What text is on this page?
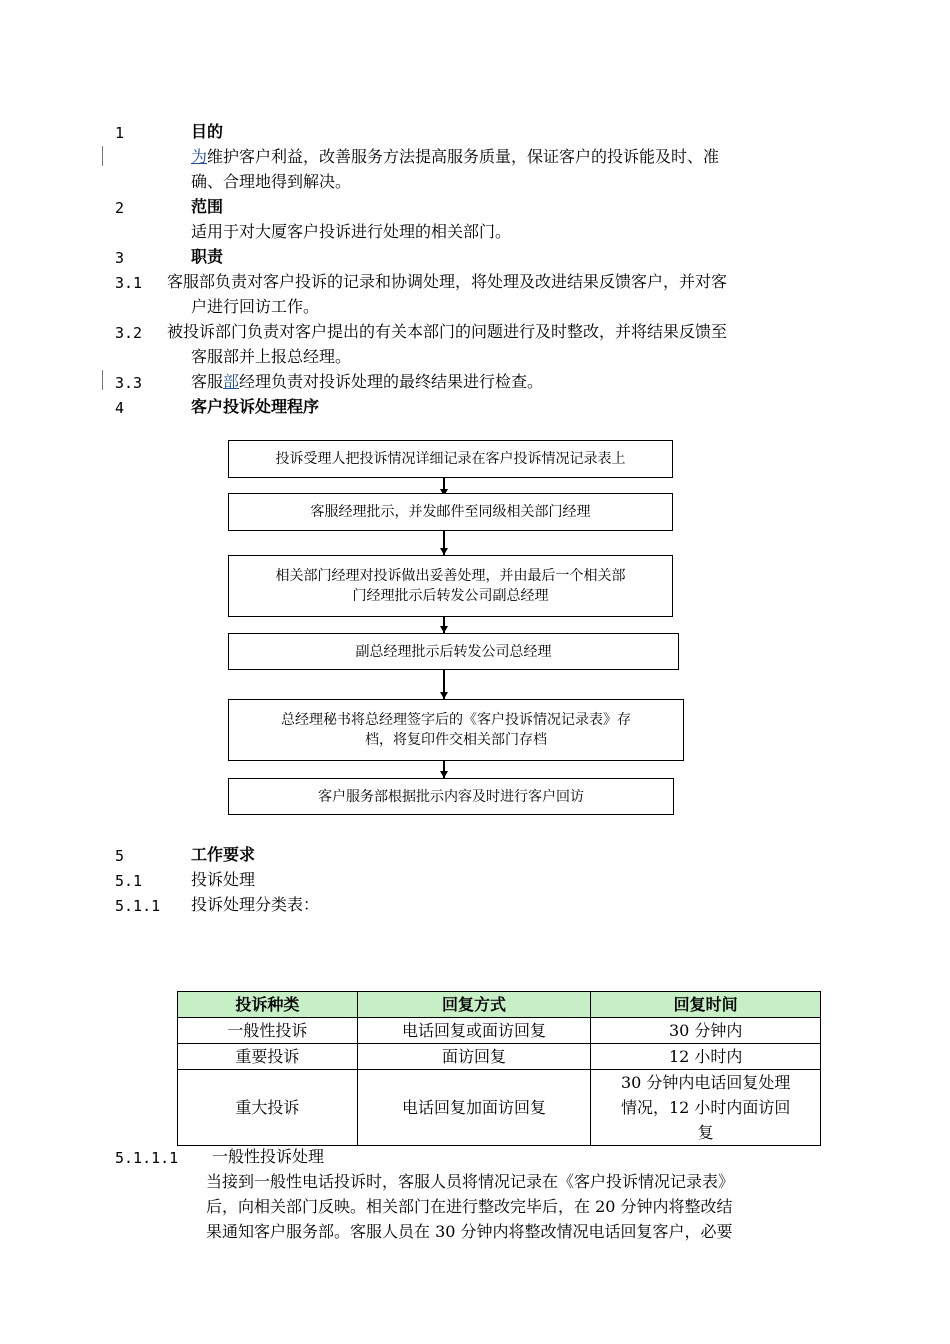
1	目的
为维护客户利益，改善服务方法提高服务质量，保证客户的投诉能及时、准
确、合理地得到解决。
2	范围
适用于对大厦客户投诉进行处理的相关部门。
3	职责
3.1 客服部负责对客户投诉的记录和协调处理，将处理及改进结果反馈客户，并对客
户进行回访工作。
3.2 被投诉部门负责对客户提出的有关本部门的问题进行及时整改，并将结果反馈至
客服部并上报总经理。
3.3	客服部经理负责对投诉处理的最终结果进行检查。
4	客户投诉处理程序
投诉受理人把投诉情况详细记录在客户投诉情况记录表上
客服经理批示，并发邮件至同级相关部门经理
相关部门经理对投诉做出妥善处理，并由最后一个相关部
门经理批示后转发公司副总经理
副总经理批示后转发公司总经理
总经理秘书将总经理签字后的《客户投诉情况记录表》存
档，将复印件交相关部门存档
客户服务部根据批示内容及时进行客户回访
5	工作要求
5.1	投诉处理
5.1.1 投诉处理分类表：
投诉种类	回复方式	回复时间
一般性投诉	电话回复或面访回复	30 分钟内
重要投诉	面访回复	12 小时内
重大投诉	电话回复加面访回复	30 分钟内电话回复处理
情况，12 小时内面访回
复
5.1.1.1 一般性投诉处理
当接到一般性电话投诉时，客服人员将情况记录在《客户投诉情况记录表》
后，向相关部门反映。相关部门在进行整改完毕后，在 20 分钟内将整改结
果通知客户服务部。客服人员在 30 分钟内将整改情况电话回复客户，必要
